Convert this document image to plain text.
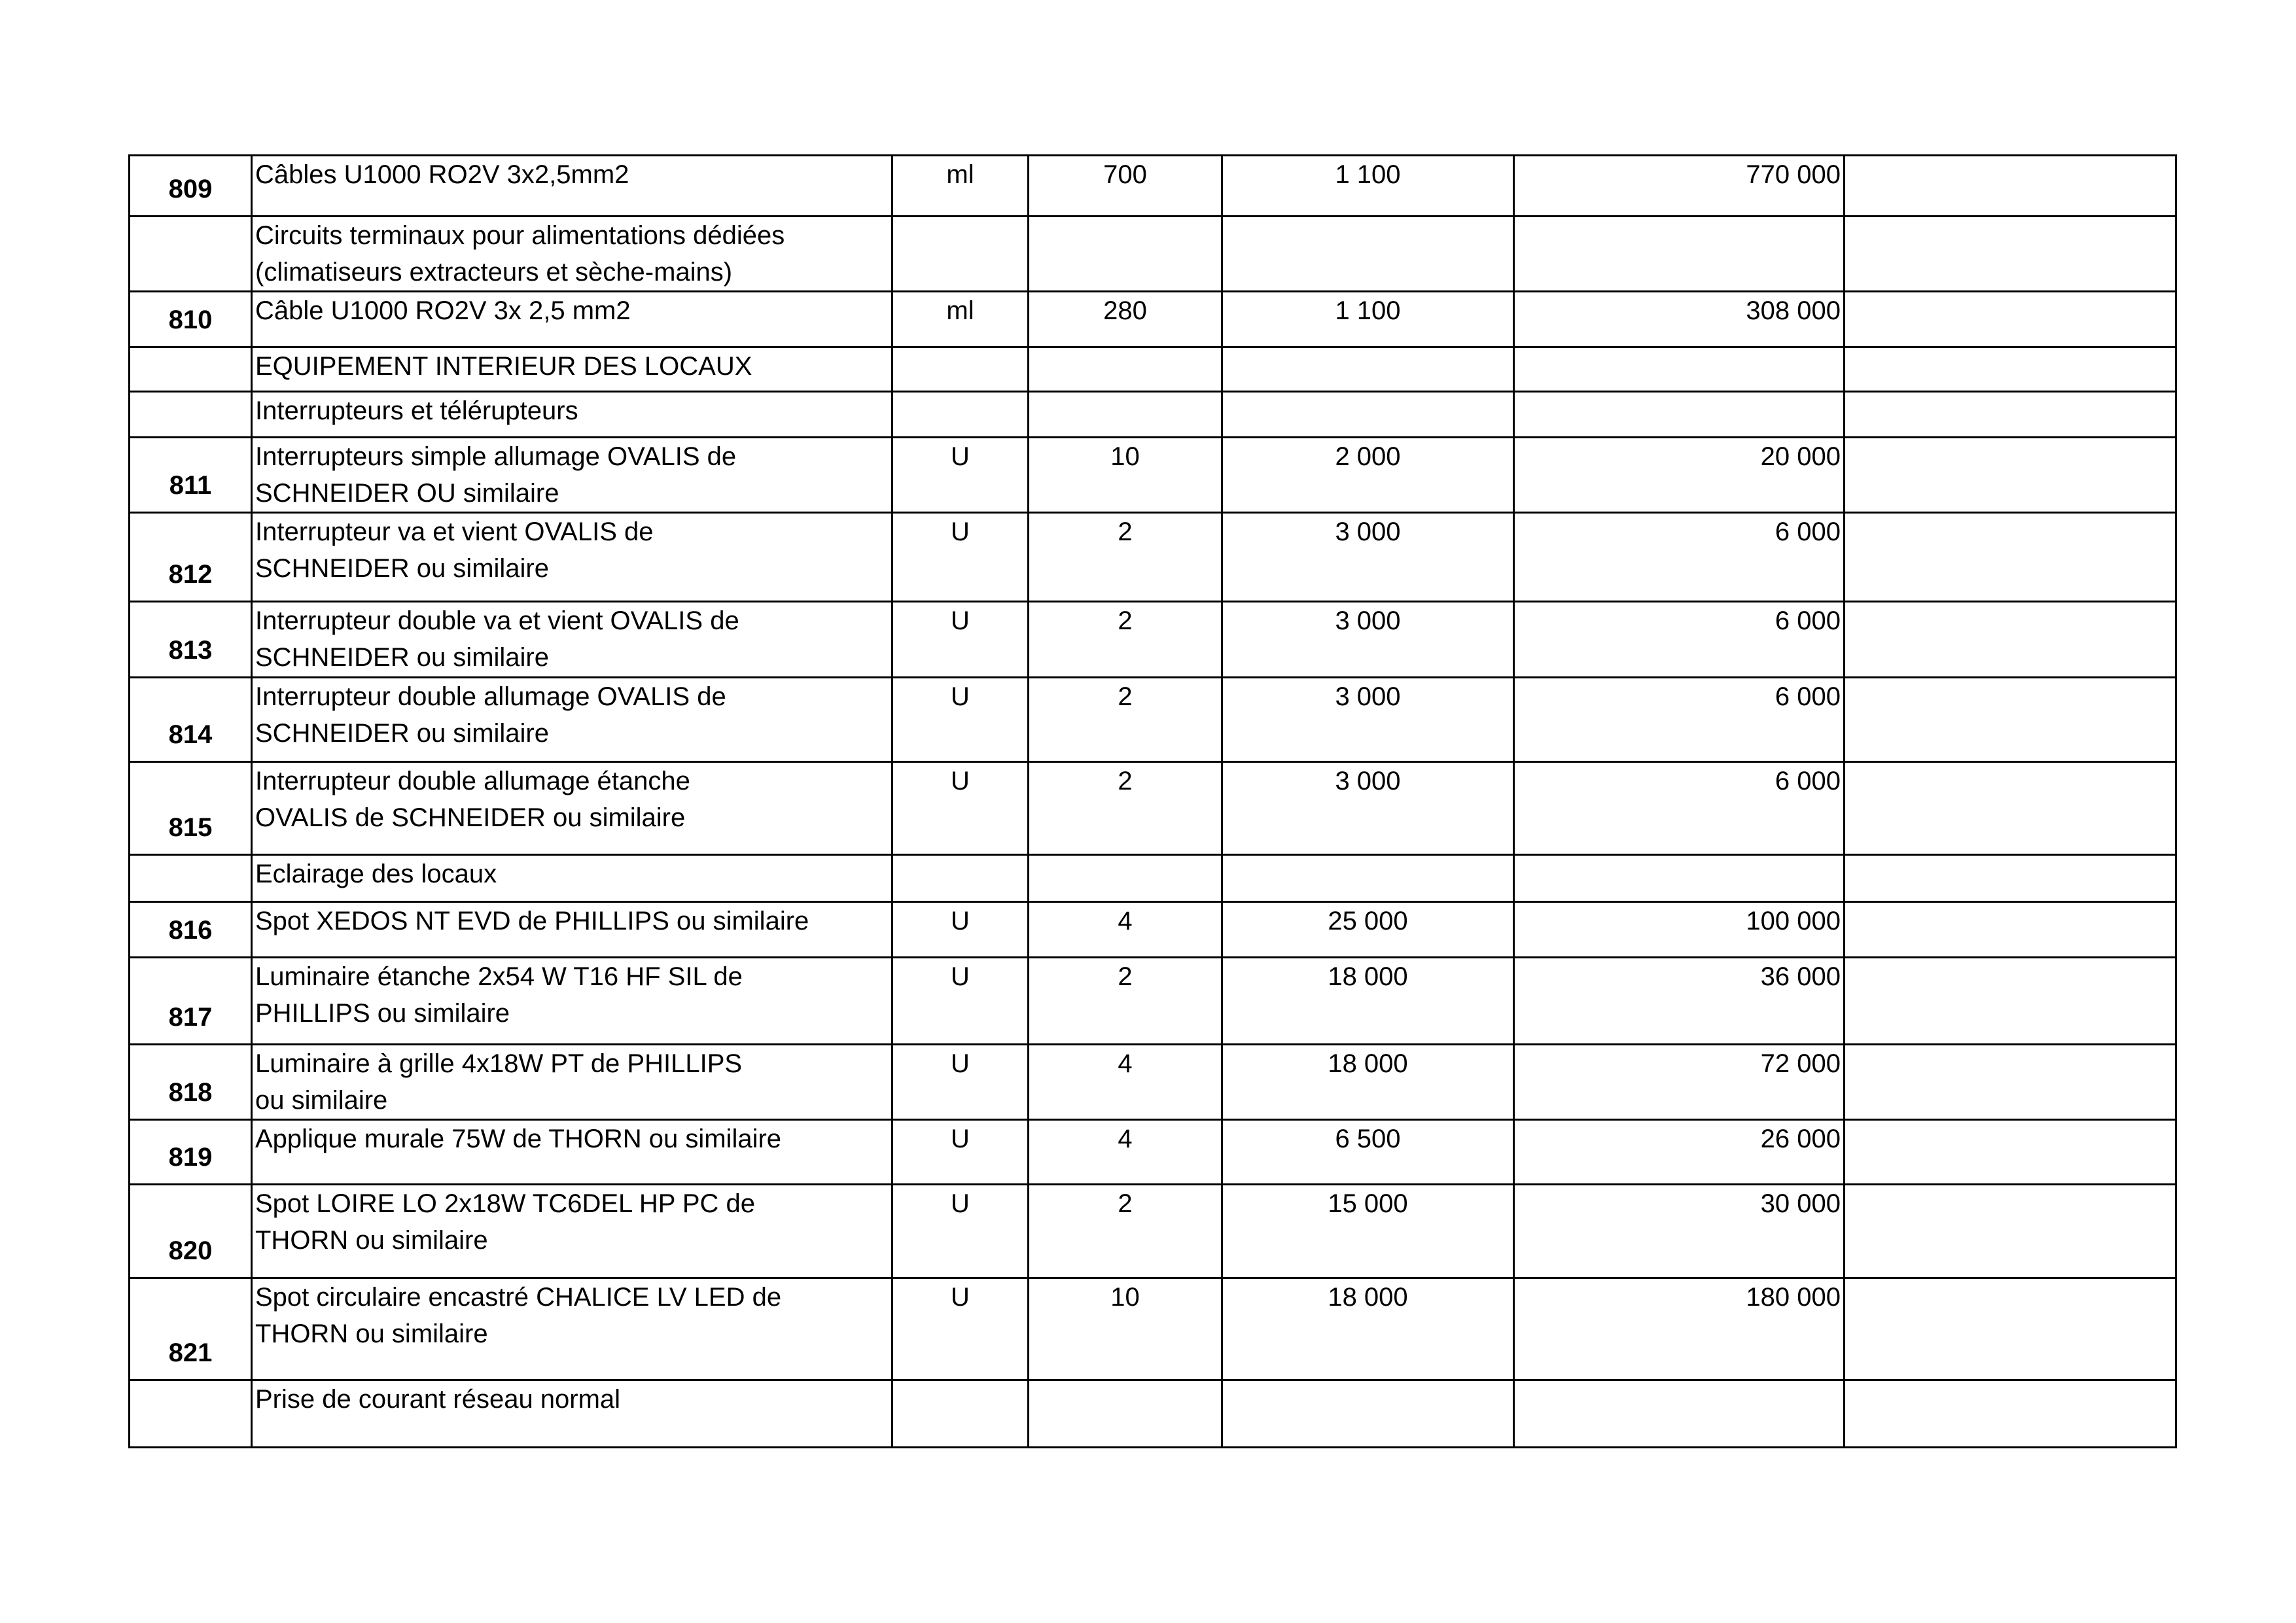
809	Câbles U1000 RO2V 3x2,5mm2	ml	700	1 100	770 000	

	Circuits terminaux pour alimentations dédiées
(climatiseurs extracteurs et sèche-mains)					

810	Câble U1000 RO2V 3x 2,5 mm2	ml	280	1 100	308 000	

	EQUIPEMENT INTERIEUR DES LOCAUX					

	Interrupteurs et télérupteurs					

811	Interrupteurs simple allumage OVALIS de
SCHNEIDER OU similaire	U	10	2 000	20 000	
812	Interrupteur va et vient OVALIS de
SCHNEIDER ou similaire	U	2	3 000	6 000	
813	Interrupteur double va et vient OVALIS de
SCHNEIDER ou similaire	U	2	3 000	6 000	
814	Interrupteur double allumage OVALIS de
SCHNEIDER ou similaire	U	2	3 000	6 000	
815	Interrupteur double allumage étanche
OVALIS de SCHNEIDER ou similaire	U	2	3 000	6 000	

	Eclairage des locaux					

816	Spot XEDOS NT EVD de PHILLIPS ou similaire	U	4	25 000	100 000	
817	Luminaire étanche 2x54 W T16 HF SIL de
PHILLIPS ou similaire	U	2	18 000	36 000	
818	Luminaire à grille 4x18W PT de PHILLIPS
ou similaire	U	4	18 000	72 000	
819	Applique murale 75W de THORN ou similaire	U	4	6 500	26 000	
820	Spot LOIRE LO 2x18W TC6DEL HP PC de
THORN ou similaire	U	2	15 000	30 000	
821	Spot circulaire encastré CHALICE LV LED de
THORN ou similaire	U	10	18 000	180 000	

	Prise de courant réseau normal					
